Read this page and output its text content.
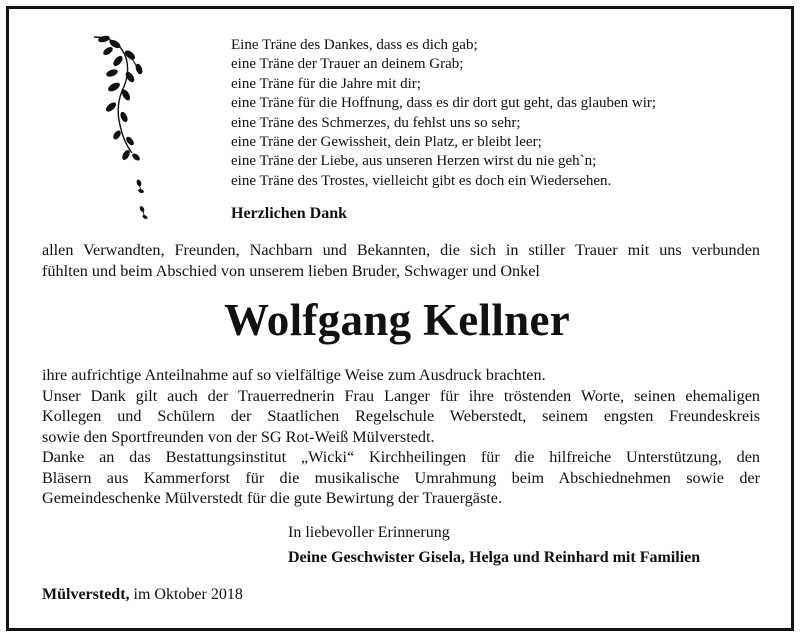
Eine Träne des Dankes, dass es dich gab;
eine Träne der Trauer an deinem Grab;
eine Träne für die Jahre mit dir;
eine Träne für die Hoffnung, dass es dir dort gut geht, das glauben wir;
eine Träne des Schmerzes, du fehlst uns so sehr;
eine Träne der Gewissheit, dein Platz, er bleibt leer;
eine Träne der Liebe, aus unseren Herzen wirst du nie geh`n;
eine Träne des Trostes, vielleicht gibt es doch ein Wiedersehen.
Herzlichen Dank
allen Verwandten, Freunden, Nachbarn und Bekannten, die sich in stiller Trauer mit uns verbunden
fühlten und beim Abschied von unserem lieben Bruder, Schwager und Onkel
Wolfgang Kellner
ihre aufrichtige Anteilnahme auf so vielfältige Weise zum Ausdruck brachten.
Unser Dank gilt auch der Trauerrednerin Frau Langer für ihre tröstenden Worte, seinen ehemaligen
Kollegen und Schülern der Staatlichen Regelschule Weberstedt, seinem engsten Freundeskreis
sowie den Sportfreunden von der SG Rot-Weiß Mülverstedt.
Danke an das Bestattungsinstitut „Wicki“ Kirchheilingen für die hilfreiche Unterstützung, den
Bläsern aus Kammerforst für die musikalische Umrahmung beim Abschiednehmen sowie der
Gemeindeschenke Mülverstedt für die gute Bewirtung der Trauergäste.
In liebevoller Erinnerung
Deine Geschwister Gisela, Helga und Reinhard mit Familien
Mülverstedt, im Oktober 2018
